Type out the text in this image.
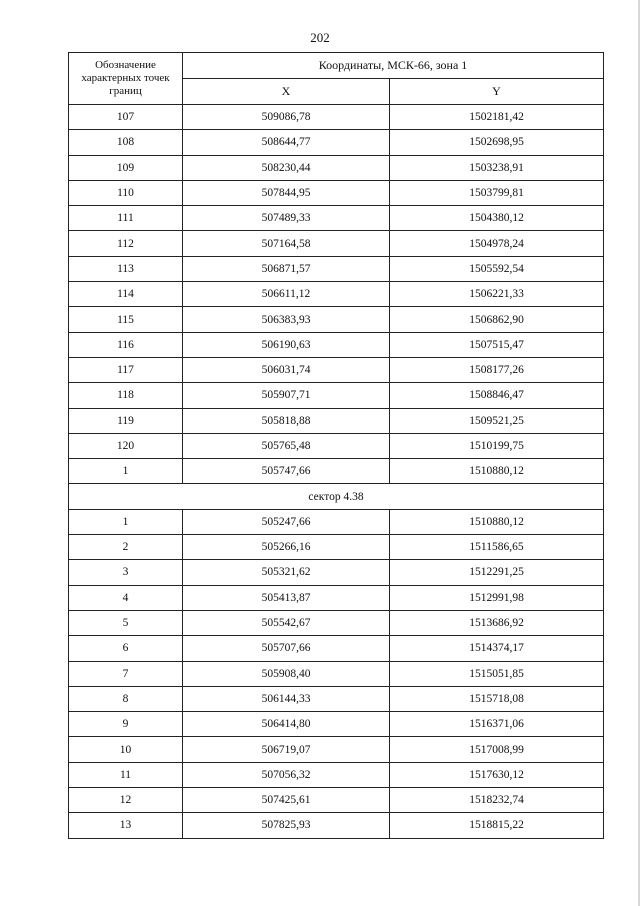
202
Обозначение характерных точек границ	Координаты, МСК-66, зона 1	
	X	Y
107	509086,78	1502181,42
108	508644,77	1502698,95
109	508230,44	1503238,91
110	507844,95	1503799,81
111	507489,33	1504380,12
112	507164,58	1504978,24
113	506871,57	1505592,54
114	506611,12	1506221,33
115	506383,93	1506862,90
116	506190,63	1507515,47
117	506031,74	1508177,26
118	505907,71	1508846,47
119	505818,88	1509521,25
120	505765,48	1510199,75
1	505747,66	1510880,12
сектор 4.38		
1	505247,66	1510880,12
2	505266,16	1511586,65
3	505321,62	1512291,25
4	505413,87	1512991,98
5	505542,67	1513686,92
6	505707,66	1514374,17
7	505908,40	1515051,85
8	506144,33	1515718,08
9	506414,80	1516371,06
10	506719,07	1517008,99
11	507056,32	1517630,12
12	507425,61	1518232,74
13	507825,93	1518815,22
